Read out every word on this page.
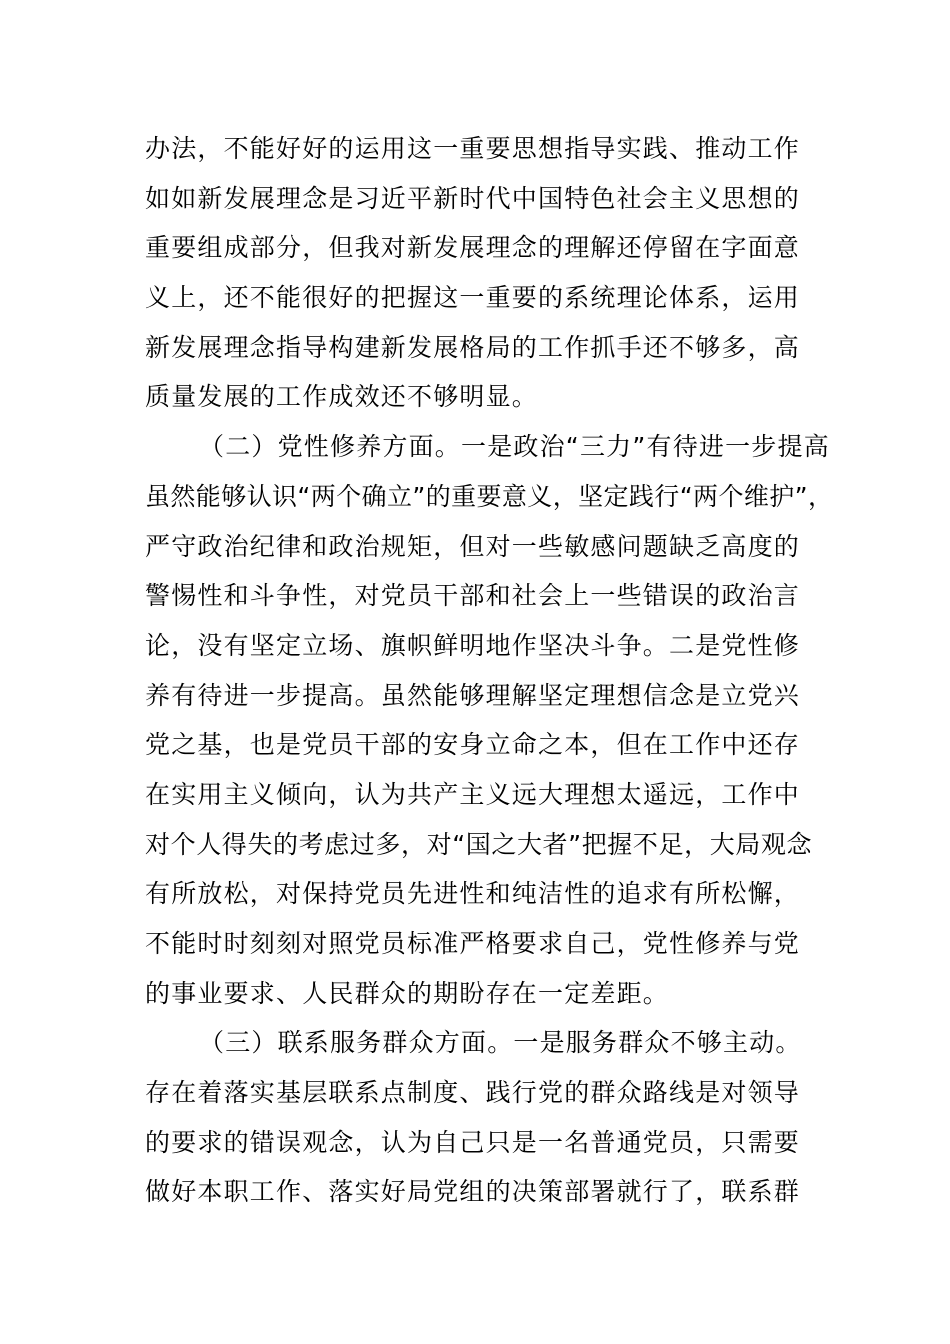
办法，不能好好的运用这一重要思想指导实践、推动工作
如如新发展理念是习近平新时代中国特色社会主义思想的
重要组成部分，但我对新发展理念的理解还停留在字面意
义上，还不能很好的把握这一重要的系统理论体系，运用
新发展理念指导构建新发展格局的工作抓手还不够多，高
质量发展的工作成效还不够明显。
（二）党性修养方面。一是政治“三力”有待进一步提高
虽然能够认识“两个确立”的重要意义，坚定践行“两个维护”，
严守政治纪律和政治规矩，但对一些敏感问题缺乏高度的
警惕性和斗争性，对党员干部和社会上一些错误的政治言
论，没有坚定立场、旗帜鲜明地作坚决斗争。二是党性修
养有待进一步提高。虽然能够理解坚定理想信念是立党兴
党之基，也是党员干部的安身立命之本，但在工作中还存
在实用主义倾向，认为共产主义远大理想太遥远，工作中
对个人得失的考虑过多，对“国之大者”把握不足，大局观念
有所放松，对保持党员先进性和纯洁性的追求有所松懈，
不能时时刻刻对照党员标准严格要求自己，党性修养与党
的事业要求、人民群众的期盼存在一定差距。
（三）联系服务群众方面。一是服务群众不够主动。
存在着落实基层联系点制度、践行党的群众路线是对领导
的要求的错误观念，认为自己只是一名普通党员，只需要
做好本职工作、落实好局党组的决策部署就行了，联系群
